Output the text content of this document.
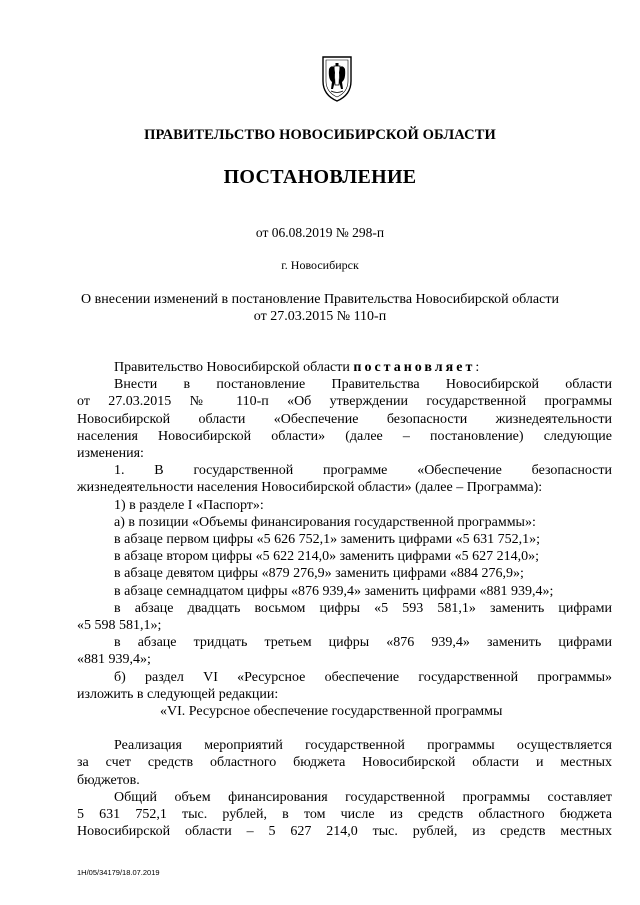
ПРАВИТЕЛЬСТВО НОВОСИБИРСКОЙ ОБЛАСТИ
ПОСТАНОВЛЕНИЕ
от 06.08.2019 № 298-п
г. Новосибирск
О внесении изменений в постановление Правительства Новосибирской области
от 27.03.2015 № 110-п

Правительство Новосибирской области постановляет:

Внести в постановление Правительства Новосибирской области
от 27.03.2015 № 110-п «Об утверждении государственной программы
Новосибирской области «Обеспечение безопасности жизнедеятельности
населения Новосибирской области» (далее – постановление) следующие
изменения:
1. В государственной программе «Обеспечение безопасности
жизнедеятельности населения Новосибирской области» (далее – Программа):
1) в разделе I «Паспорт»:
а) в позиции «Объемы финансирования государственной программы»:
в абзаце первом цифры «5 626 752,1» заменить цифрами «5 631 752,1»;
в абзаце втором цифры «5 622 214,0» заменить цифрами «5 627 214,0»;
в абзаце девятом цифры «879 276,9» заменить цифрами «884 276,9»;
в абзаце семнадцатом цифры «876 939,4» заменить цифрами «881 939,4»;
в абзаце двадцать восьмом цифры «5 593 581,1» заменить цифрами
«5 598 581,1»;
в абзаце тридцать третьем цифры «876 939,4» заменить цифрами
«881 939,4»;
б) раздел VI «Ресурсное обеспечение государственной программы»
изложить в следующей редакции:
«VI. Ресурсное обеспечение государственной программы
Реализация мероприятий государственной программы осуществляется
за счет средств областного бюджета Новосибирской области и местных
бюджетов.
Общий объем финансирования государственной программы составляет
5 631 752,1 тыс. рублей, в том числе из средств областного бюджета
Новосибирской области – 5 627 214,0 тыс. рублей, из средств местных
1Н/05/34179/18.07.2019
